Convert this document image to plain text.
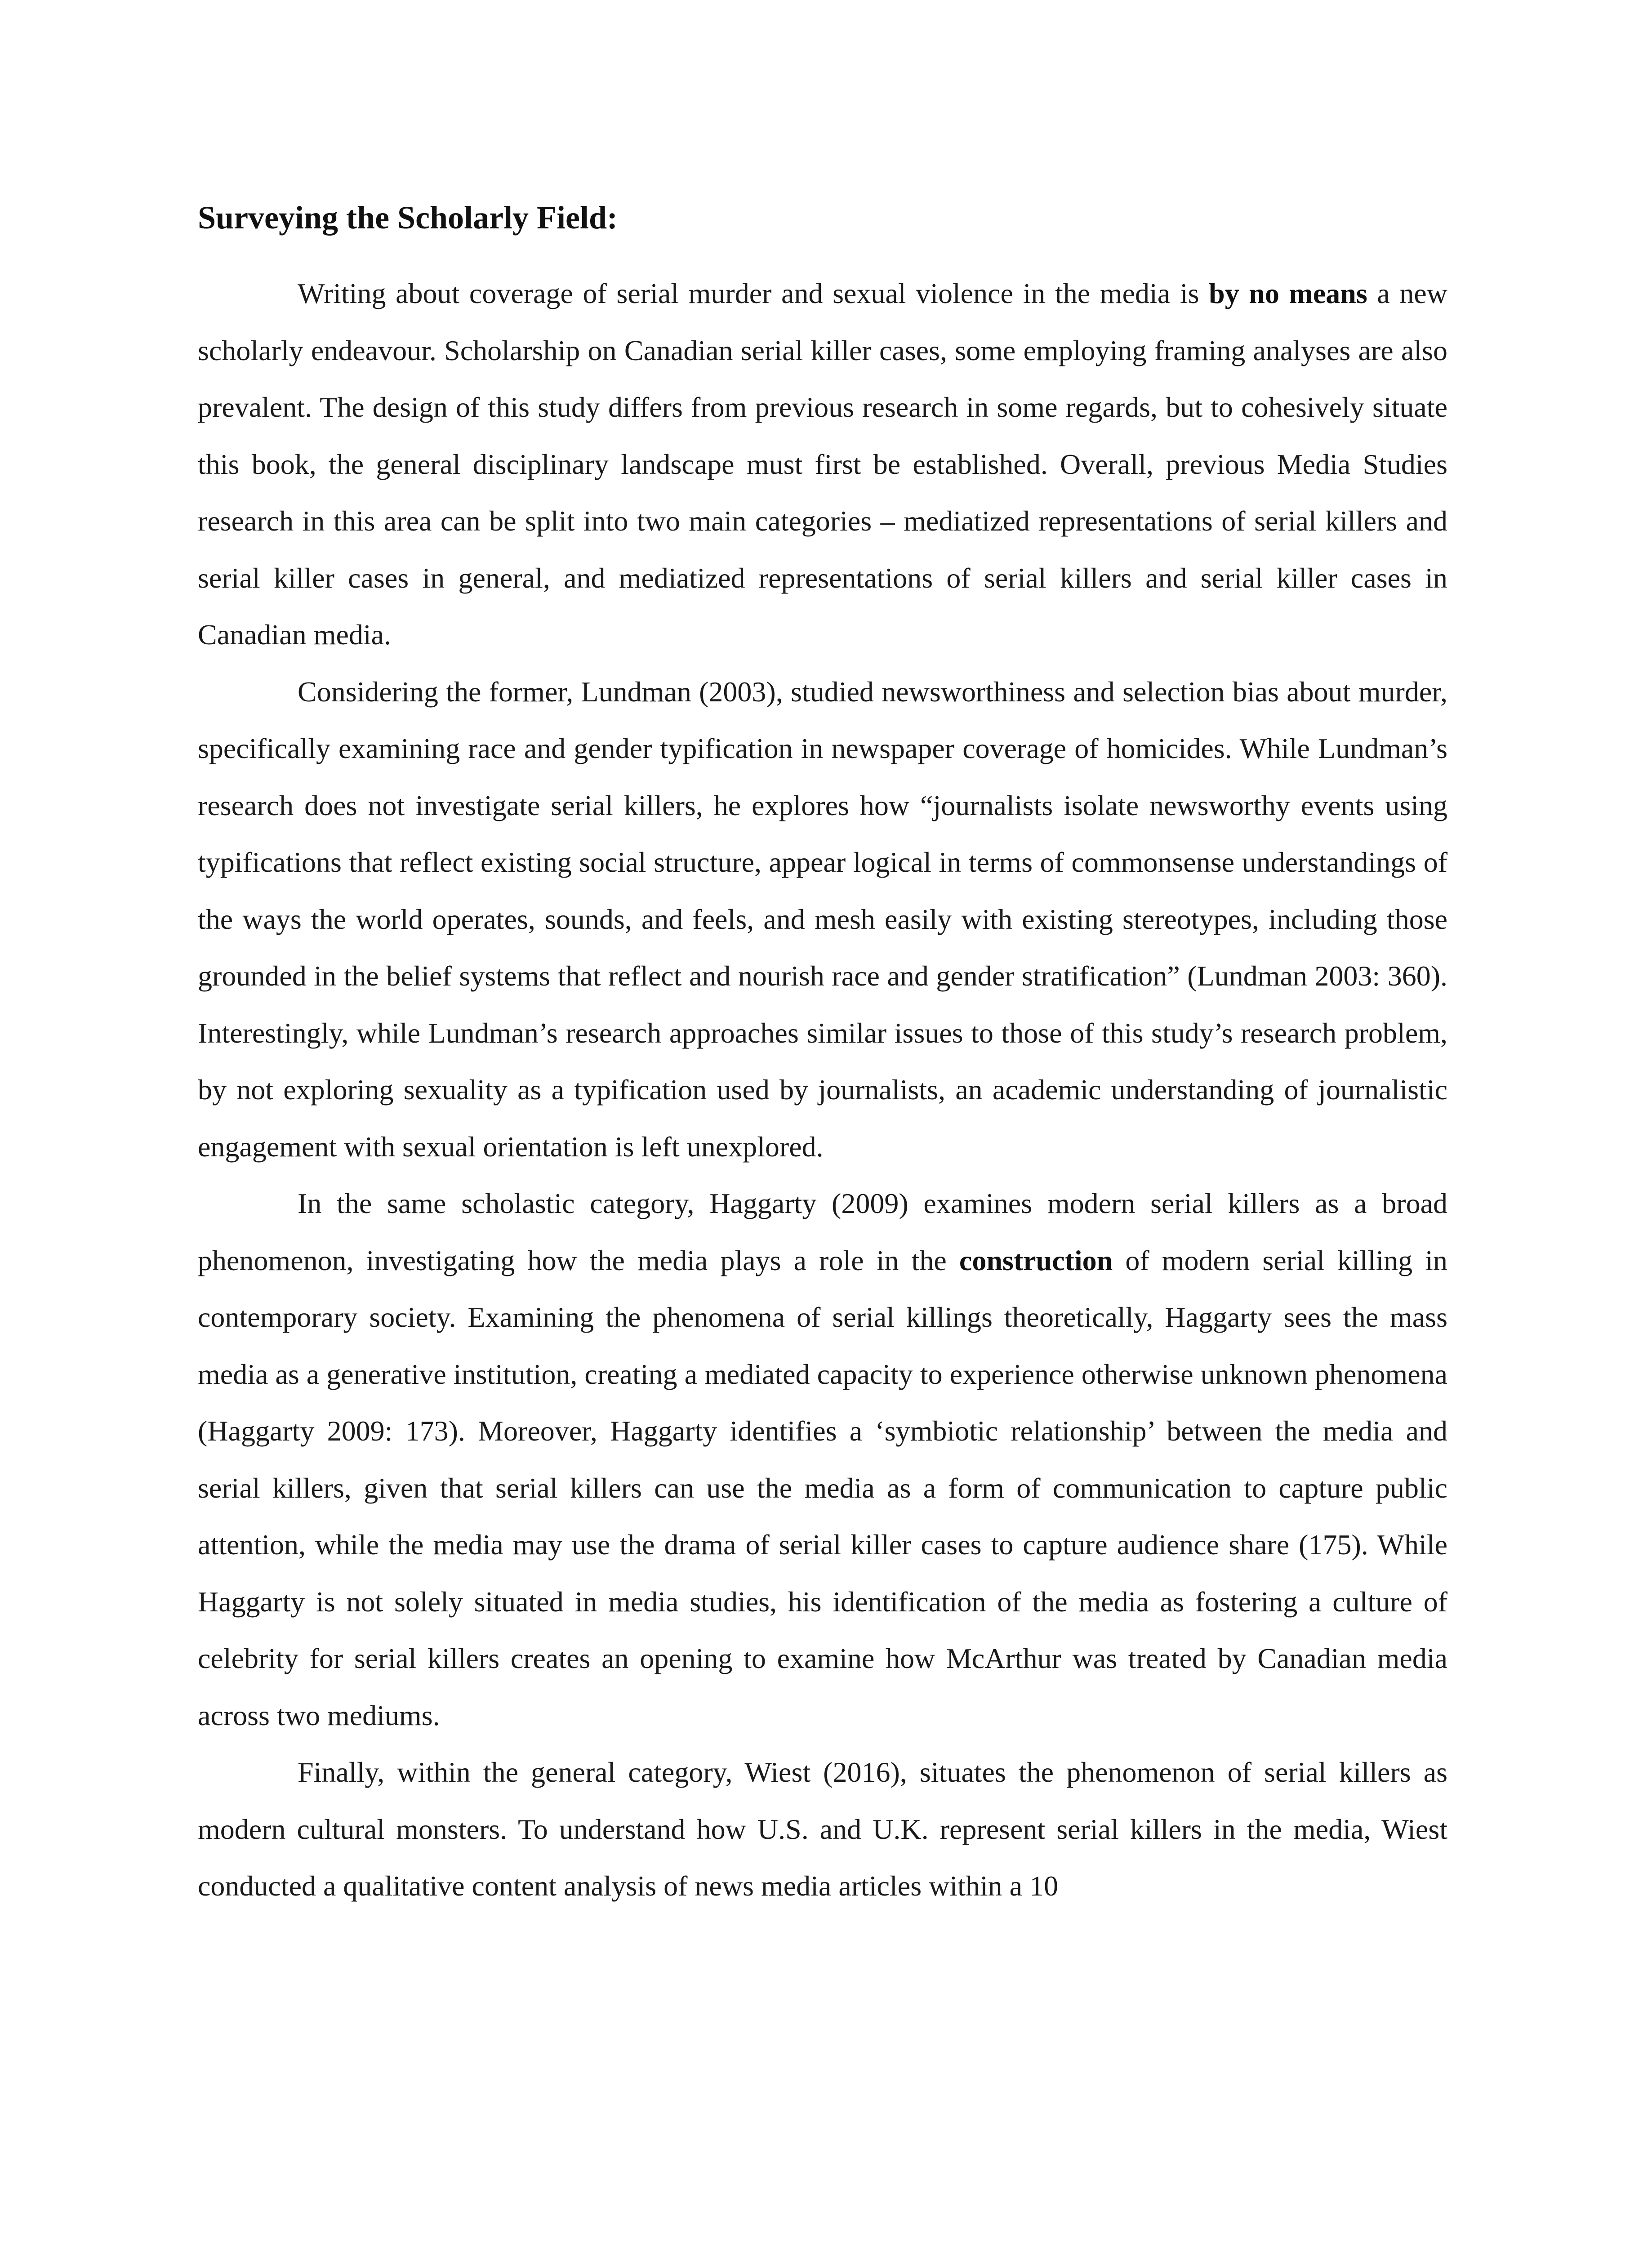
Surveying the Scholarly Field:

Writing about coverage of serial murder and sexual violence in the media is by no means a new scholarly endeavour. Scholarship on Canadian serial killer cases, some employing framing analyses are also prevalent. The design of this study differs from previous research in some regards, but to cohesively situate this book, the general disciplinary landscape must first be established. Overall, previous Media Studies research in this area can be split into two main categories – mediatized representations of serial killers and serial killer cases in general, and mediatized representations of serial killers and serial killer cases in Canadian media.

Considering the former, Lundman (2003), studied newsworthiness and selection bias about murder, specifically examining race and gender typification in newspaper coverage of homicides. While Lundman’s research does not investigate serial killers, he explores how “journalists isolate newsworthy events using typifications that reflect existing social structure, appear logical in terms of commonsense understandings of the ways the world operates, sounds, and feels, and mesh easily with existing stereotypes, including those grounded in the belief systems that reflect and nourish race and gender stratification” (Lundman 2003: 360). Interestingly, while Lundman’s research approaches similar issues to those of this study’s research problem, by not exploring sexuality as a typification used by journalists, an academic understanding of journalistic engagement with sexual orientation is left unexplored.

In the same scholastic category, Haggarty (2009) examines modern serial killers as a broad phenomenon, investigating how the media plays a role in the construction of modern serial killing in contemporary society. Examining the phenomena of serial killings theoretically, Haggarty sees the mass media as a generative institution, creating a mediated capacity to experience otherwise unknown phenomena (Haggarty 2009: 173). Moreover, Haggarty identifies a ‘symbiotic relationship’ between the media and serial killers, given that serial killers can use the media as a form of communication to capture public attention, while the media may use the drama of serial killer cases to capture audience share (175). While Haggarty is not solely situated in media studies, his identification of the media as fostering a culture of celebrity for serial killers creates an opening to examine how McArthur was treated by Canadian media across two mediums.

Finally, within the general category, Wiest (2016), situates the phenomenon of serial killers as modern cultural monsters. To understand how U.S. and U.K. represent serial killers in the media, Wiest conducted a qualitative content analysis of news media articles within a 10
